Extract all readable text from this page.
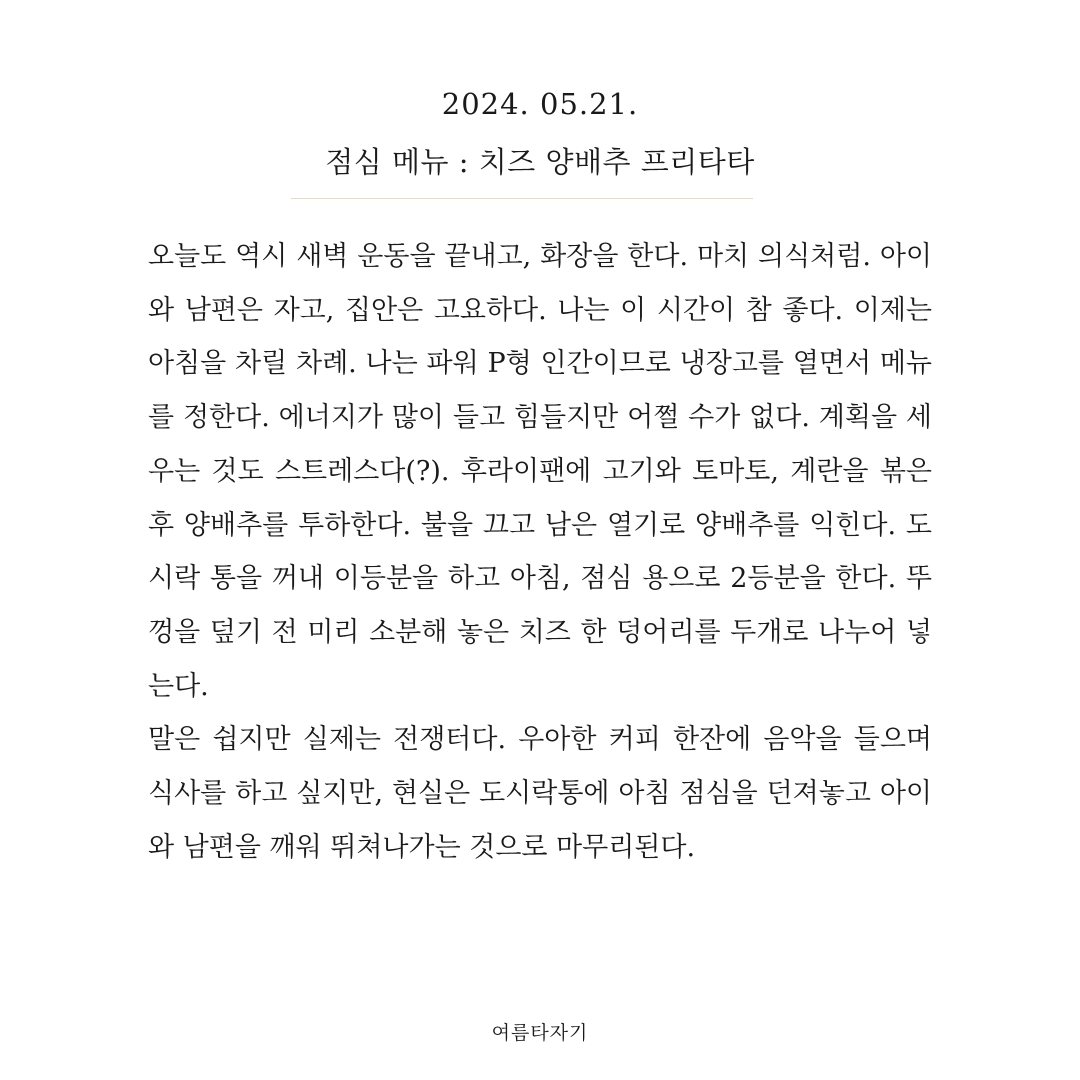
2024. 05.21.
점심 메뉴 : 치즈 양배추 프리타타

오늘도 역시 새벽 운동을 끝내고, 화장을 한다. 마치 의식처럼. 아이와 남편은 자고, 집안은 고요하다. 나는 이 시간이 참 좋다. 이제는 아침을 차릴 차례. 나는 파워 P형 인간이므로 냉장고를 열면서 메뉴를 정한다. 에너지가 많이 들고 힘들지만 어쩔 수가 없다. 계획을 세우는 것도 스트레스다(?). 후라이팬에 고기와 토마토, 계란을 볶은 후 양배추를 투하한다. 불을 끄고 남은 열기로 양배추를 익힌다. 도시락 통을 꺼내 이등분을 하고 아침, 점심 용으로 2등분을 한다. 뚜껑을 덮기 전 미리 소분해 놓은 치즈 한 덩어리를 두개로 나누어 넣는다.

말은 쉽지만 실제는 전쟁터다. 우아한 커피 한잔에 음악을 들으며 식사를 하고 싶지만, 현실은 도시락통에 아침 점심을 던져놓고 아이와 남편을 깨워 뛰쳐나가는 것으로 마무리된다.

여름타자기
